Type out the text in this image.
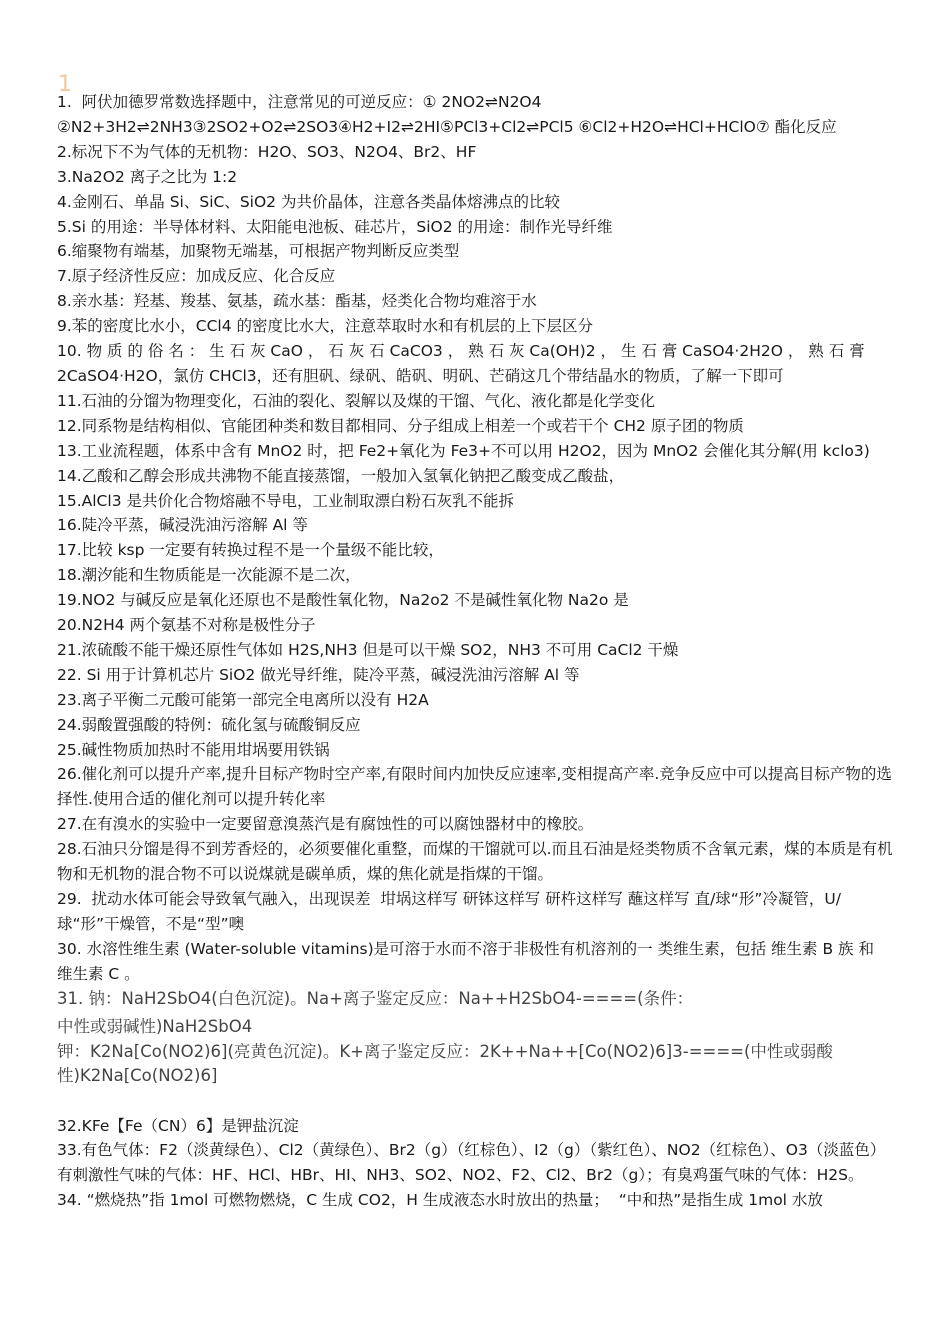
1
1.  阿伏加德罗常数选择题中，注意常见的可逆反应：① 2NO2⇌N2O4 ②N2+3H2⇌2NH3③2SO2+O2⇌2SO3④H2+I2⇌2HI⑤PCl3+Cl2⇌PCl5 ⑥Cl2+H2O⇌HCl+HClO⑦ 酯化反应
2.标况下不为气体的无机物：H2O、SO3、N2O4、Br2、HF
3.Na2O2 离子之比为 1:2
4.金刚石、单晶 Si、SiC、SiO2 为共价晶体，注意各类晶体熔沸点的比较
5.Si 的用途：半导体材料、太阳能电池板、硅芯片，SiO2 的用途：制作光导纤维
6.缩聚物有端基，加聚物无端基，可根据产物判断反应类型
7.原子经济性反应：加成反应、化合反应
8.亲水基：羟基、羧基、氨基，疏水基：酯基，烃类化合物均难溶于水
9.苯的密度比水小，CCl4 的密度比水大，注意萃取时水和有机层的上下层区分
10. 物 质 的 俗 名 ： 生 石 灰 CaO ， 石 灰 石 CaCO3 ， 熟 石 灰 Ca(OH)2 ， 生 石 膏 CaSO4·2H2O ， 熟 石 膏 2CaSO4·H2O，氯仿 CHCl3，还有胆矾、绿矾、皓矾、明矾、芒硝这几个带结晶水的物质，了解一下即可
11.石油的分馏为物理变化，石油的裂化、裂解以及煤的干馏、气化、液化都是化学变化
12.同系物是结构相似、官能团种类和数目都相同、分子组成上相差一个或若干个 CH2 原子团的物质
13.工业流程题，体系中含有 MnO2 时，把 Fe2+氧化为 Fe3+不可以用 H2O2，因为 MnO2 会催化其分解(用 kclo3)
14.乙酸和乙醇会形成共沸物不能直接蒸馏，一般加入氢氧化钠把乙酸变成乙酸盐，
15.AlCl3 是共价化合物熔融不导电，工业制取漂白粉石灰乳不能拆
16.陡冷平蒸，碱浸洗油污溶解 Al 等
17.比较 ksp 一定要有转换过程不是一个量级不能比较，
18.潮汐能和生物质能是一次能源不是二次，
19.NO2 与碱反应是氧化还原也不是酸性氧化物，Na2o2 不是碱性氧化物 Na2o 是
20.N2H4 两个氨基不对称是极性分子
21.浓硫酸不能干燥还原性气体如 H2S,NH3 但是可以干燥 SO2，NH3 不可用 CaCl2 干燥
22. Si 用于计算机芯片 SiO2 做光导纤维，陡冷平蒸，碱浸洗油污溶解 Al 等
23.离子平衡二元酸可能第一部完全电离所以没有 H2A
24.弱酸置强酸的特例：硫化氢与硫酸铜反应
25.碱性物质加热时不能用坩埚要用铁锅
26.催化剂可以提升产率,提升目标产物时空产率,有限时间内加快反应速率,变相提高产率.竞争反应中可以提高目标产物的选择性.使用合适的催化剂可以提升转化率
27.在有溴水的实验中一定要留意溴蒸汽是有腐蚀性的可以腐蚀器材中的橡胶。
28.石油只分馏是得不到芳香烃的，必须要催化重整，而煤的干馏就可以.而且石油是烃类物质不含氧元素，煤的本质是有机物和无机物的混合物不可以说煤就是碳单质，煤的焦化就是指煤的干馏。
29.  扰动水体可能会导致氧气融入，出现误差  坩埚这样写 研钵这样写 研杵这样写 蘸这样写 直/球“形”冷凝管，U/球“形”干燥管，不是“型”噢
30. 水溶性维生素 (Water-soluble vitamins)是可溶于水而不溶于非极性有机溶剂的一 类维生素，包括 维生素 B 族 和 维生素 C 。
31. 钠：NaH2SbO4(白色沉淀)。Na+离子鉴定反应：Na++H2SbO4-====(条件：
中性或弱碱性)NaH2SbO4
钾：K2Na[Co(NO2)6](亮黄色沉淀)。K+离子鉴定反应：2K++Na++[Co(NO2)6]3-====(中性或弱酸性)K2Na[Co(NO2)6]
32.KFe【Fe（CN）6】是钾盐沉淀
33.有色气体：F2（淡黄绿色）、Cl2（黄绿色）、Br2（g）（红棕色）、I2（g）（紫红色）、NO2（红棕色）、O3（淡蓝色）有刺激性气味的气体：HF、HCl、HBr、HI、NH3、SO2、NO2、F2、Cl2、Br2（g）；有臭鸡蛋气味的气体：H2S。
34. “燃烧热”指 1mol 可燃物燃烧，C 生成 CO2，H 生成液态水时放出的热量；  “中和热”是指生成 1mol 水放
